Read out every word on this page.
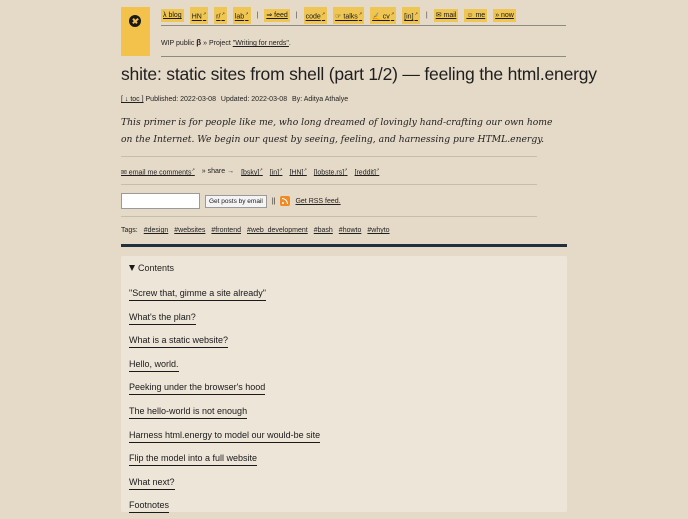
λ blog HN↗ r/↗ lab↗ | ⇒ feed | code↗ ☞ talks↗ ✍ cv↗ [in]↗ | ✉ mail ☺ me » now
WIP public β » Project "Writing for nerds".
shite: static sites from shell (part 1/2) — feeling the html.energy
[ ↓ toc ] Published: 2022-03-08 Updated: 2022-03-08 By: Aditya Athalye

This primer is for people like me, who long dreamed of lovingly hand-crafting our own home on the Internet. We begin our quest by seeing, feeling, and harnessing pure HTML.energy.

✉ email me comments↗ » share → [bsky]↗ [in]↗ [HN]↗ [lobste.rs]↗ [reddit]↗
Get posts by email	||	Get RSS feed.
Tags: #design #websites #frontend #web_development #bash #howto #whyto
Contents
"Screw that, gimme a site already"
What's the plan?
What is a static website?
Hello, world.
Peeking under the browser's hood
The hello-world is not enough
Harness html.energy to model our would-be site
Flip the model into a full website
What next?
Footnotes
